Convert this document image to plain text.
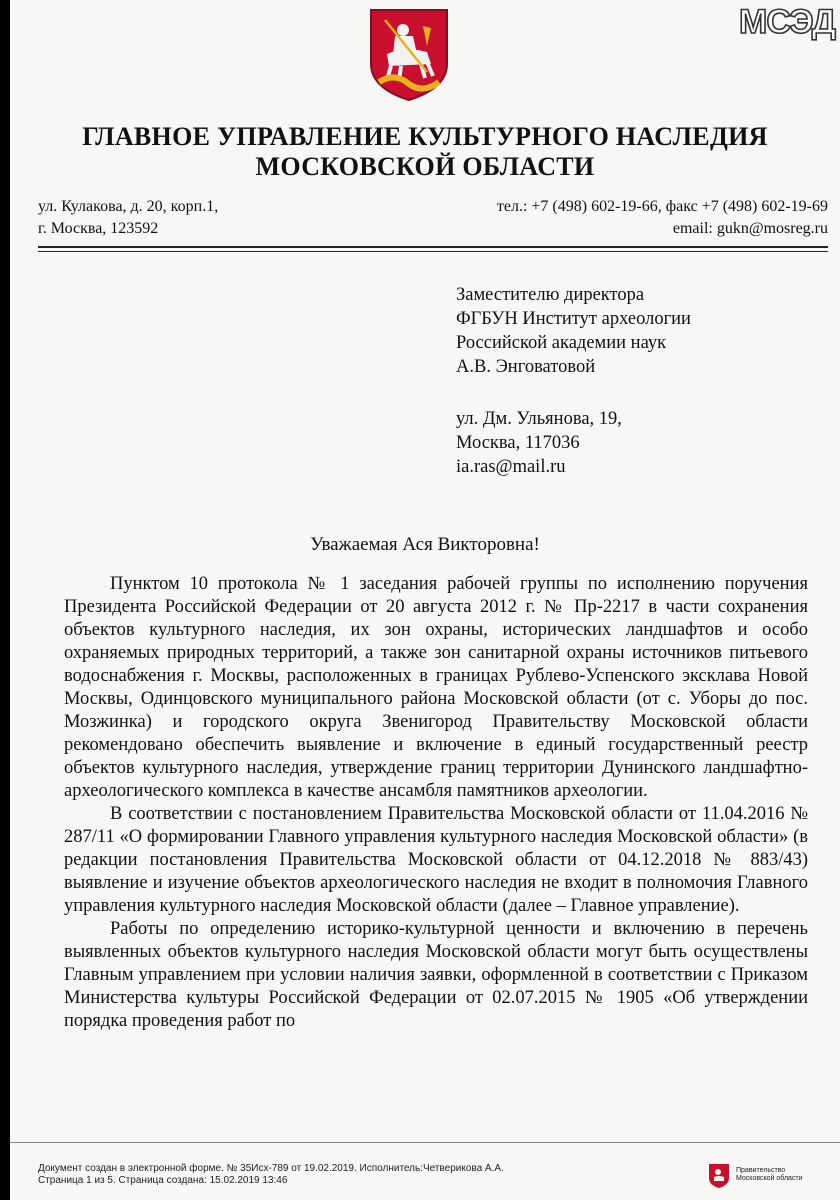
МСЭД
ГЛАВНОЕ УПРАВЛЕНИЕ КУЛЬТУРНОГО НАСЛЕДИЯ
МОСКОВСКОЙ ОБЛАСТИ
ул. Кулакова, д. 20, корп.1,
г. Москва, 123592
тел.: +7 (498) 602-19-66, факс +7 (498) 602-19-69
email: gukn@mosreg.ru
Заместителю директора
ФГБУН Институт археологии
Российской академии наук
А.В. Энговатовой
ул. Дм. Ульянова, 19,
Москва, 117036
ia.ras@mail.ru
Уважаемая Ася Викторовна!

Пунктом 10 протокола № 1 заседания рабочей группы по исполнению поручения Президента Российской Федерации от 20 августа 2012 г. № Пр-2217 в части сохранения объектов культурного наследия, их зон охраны, исторических ландшафтов и особо охраняемых природных территорий, а также зон санитарной охраны источников питьевого водоснабжения г. Москвы, расположенных в границах Рублево-Успенского эксклава Новой Москвы, Одинцовского муниципального района Московской области (от с. Уборы до пос. Мозжинка) и городского округа Звенигород Правительству Московской области рекомендовано обеспечить выявление и включение в единый государственный реестр объектов культурного наследия, утверждение границ территории Дунинского ландшафтно-археологического комплекса в качестве ансамбля памятников археологии.

В соответствии с постановлением Правительства Московской области от 11.04.2016 № 287/11 «О формировании Главного управления культурного наследия Московской области» (в редакции постановления Правительства Московской области от 04.12.2018 № 883/43) выявление и изучение объектов археологического наследия не входит в полномочия Главного управления культурного наследия Московской области (далее – Главное управление).

Работы по определению историко-культурной ценности и включению в перечень выявленных объектов культурного наследия Московской области могут быть осуществлены Главным управлением при условии наличия заявки, оформленной в соответствии с Приказом Министерства культуры Российской Федерации от 02.07.2015 № 1905 «Об утверждении порядка проведения работ по

Документ создан в электронной форме. № 35Исх-789 от 19.02.2019. Исполнитель:Четверикова А.А.
Страница 1 из 5. Страница создана: 15.02.2019 13:46
Правительство
Московской области
